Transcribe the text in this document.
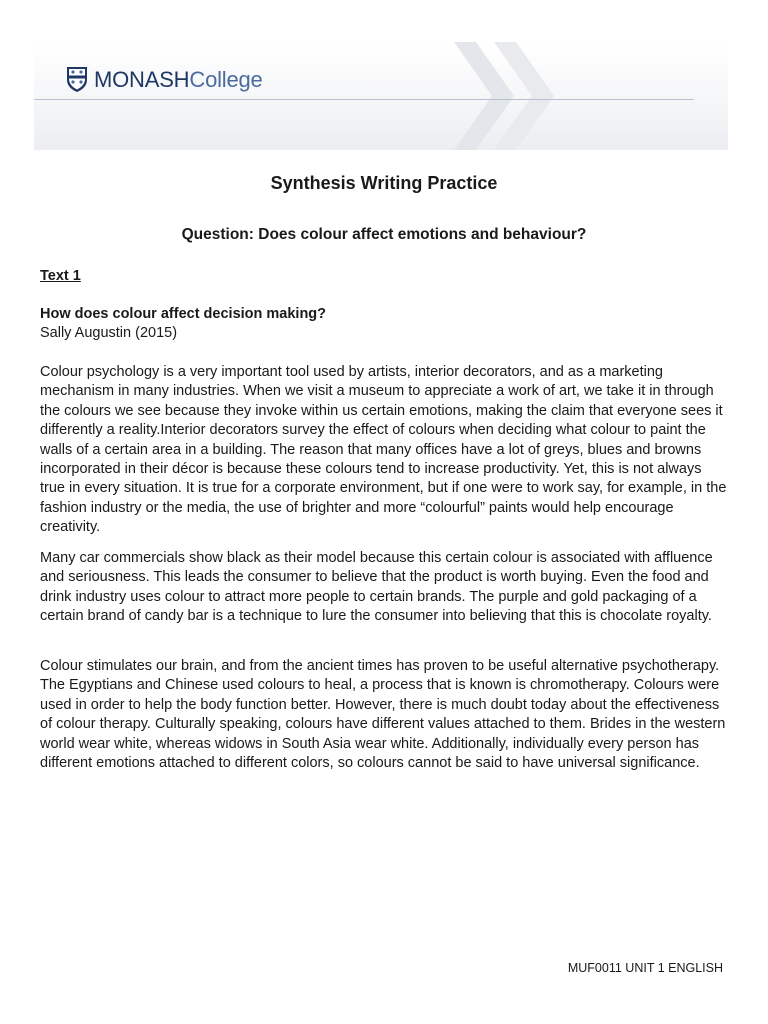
MONASHCollege
Synthesis Writing Practice
Question: Does colour affect emotions and behaviour?

Text 1

How does colour affect decision making?

Sally Augustin (2015)

Colour psychology is a very important tool used by artists, interior decorators, and as a marketing mechanism in many industries. When we visit a museum to appreciate a work of art, we take it in through the colours we see because they invoke within us certain emotions, making the claim that everyone sees it differently a reality.Interior decorators survey the effect of colours when deciding what colour to paint the walls of a certain area in a building. The reason that many offices have a lot of greys, blues and browns incorporated in their décor is because these colours tend to increase productivity. Yet, this is not always true in every situation. It is true for a corporate environment, but if one were to work say, for example, in the fashion industry or the media, the use of brighter and more “colourful” paints would help encourage creativity.

Many car commercials show black as their model because this certain colour is associated with affluence and seriousness. This leads the consumer to believe that the product is worth buying. Even the food and drink industry uses colour to attract more people to certain brands. The purple and gold packaging of a certain brand of candy bar is a technique to lure the consumer into believing that this is chocolate royalty.

Colour stimulates our brain, and from the ancient times has proven to be useful alternative psychotherapy. The Egyptians and Chinese used colours to heal, a process that is known is chromotherapy. Colours were used in order to help the body function better. However, there is much doubt today about the effectiveness of colour therapy. Culturally speaking, colours have different values attached to them. Brides in the western world wear white, whereas widows in South Asia wear white. Additionally, individually every person has different emotions attached to different colors, so colours cannot be said to have universal significance.

MUF0011 UNIT 1 ENGLISH
